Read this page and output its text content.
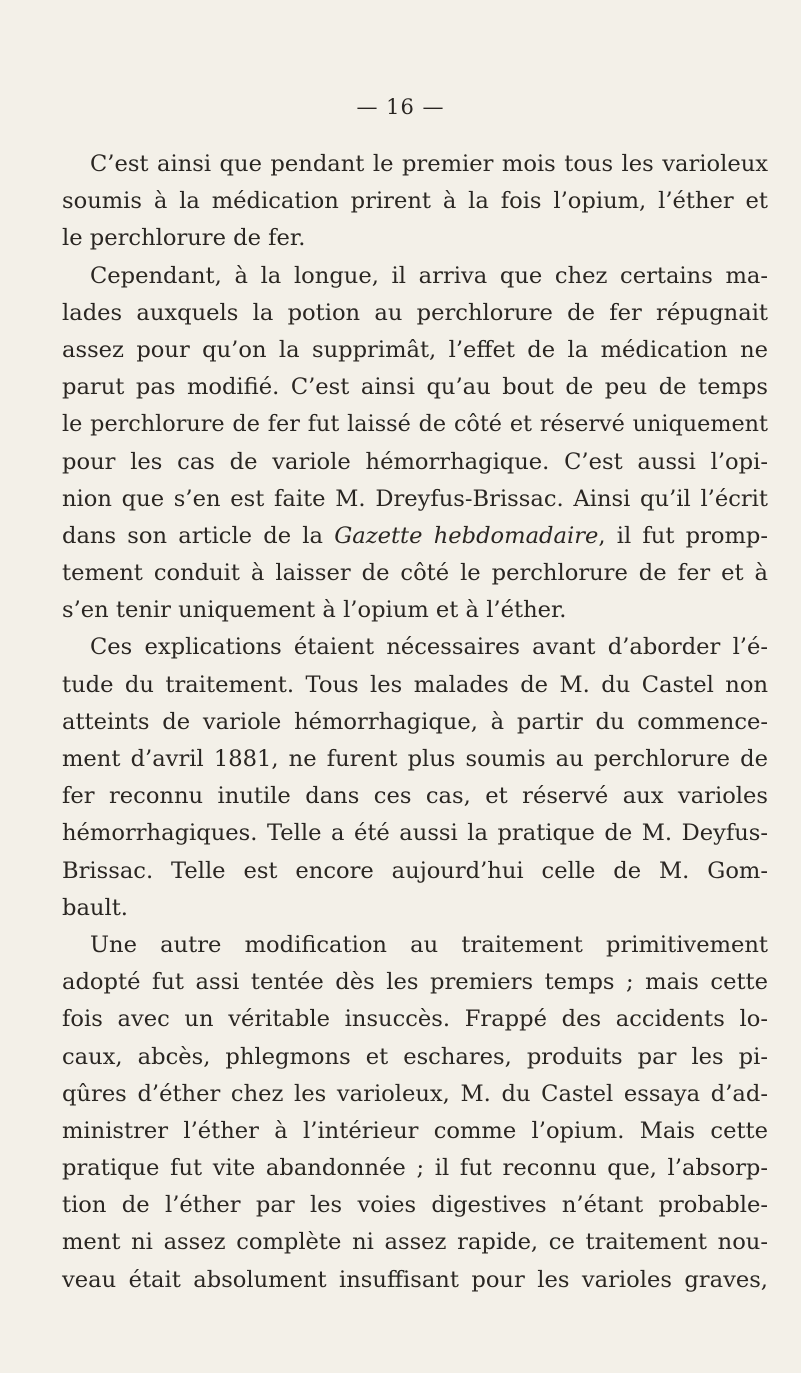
— 16 —
C’est ainsi que pendant le premier mois tous les varioleux
soumis à la médication prirent à la fois l’opium, l’éther et
le perchlorure de fer.
Cependant, à la longue, il arriva que chez certains ma-
lades auxquels la potion au perchlorure de fer répugnait
assez pour qu’on la supprimât, l’effet de la médication ne
parut pas modifié. C’est ainsi qu’au bout de peu de temps
le perchlorure de fer fut laissé de côté et réservé uniquement
pour les cas de variole hémorrhagique. C’est aussi l’opi-
nion que s’en est faite M. Dreyfus-Brissac. Ainsi qu’il l’écrit
dans son article de la Gazette hebdomadaire, il fut promp-
tement conduit à laisser de côté le perchlorure de fer et à
s’en tenir uniquement à l’opium et à l’éther.
Ces explications étaient nécessaires avant d’aborder l’é-
tude du traitement. Tous les malades de M. du Castel non
atteints de variole hémorrhagique, à partir du commence-
ment d’avril 1881, ne furent plus soumis au perchlorure de
fer reconnu inutile dans ces cas, et réservé aux varioles
hémorrhagiques. Telle a été aussi la pratique de M. Deyfus-
Brissac. Telle est encore aujourd’hui celle de M. Gom-
bault.
Une autre modification au traitement primitivement
adopté fut assi tentée dès les premiers temps ; mais cette
fois avec un véritable insuccès. Frappé des accidents lo-
caux, abcès, phlegmons et eschares, produits par les pi-
qûres d’éther chez les varioleux, M. du Castel essaya d’ad-
ministrer l’éther à l’intérieur comme l’opium. Mais cette
pratique fut vite abandonnée ; il fut reconnu que, l’absorp-
tion de l’éther par les voies digestives n’étant probable-
ment ni assez complète ni assez rapide, ce traitement nou-
veau était absolument insuffisant pour les varioles graves,
